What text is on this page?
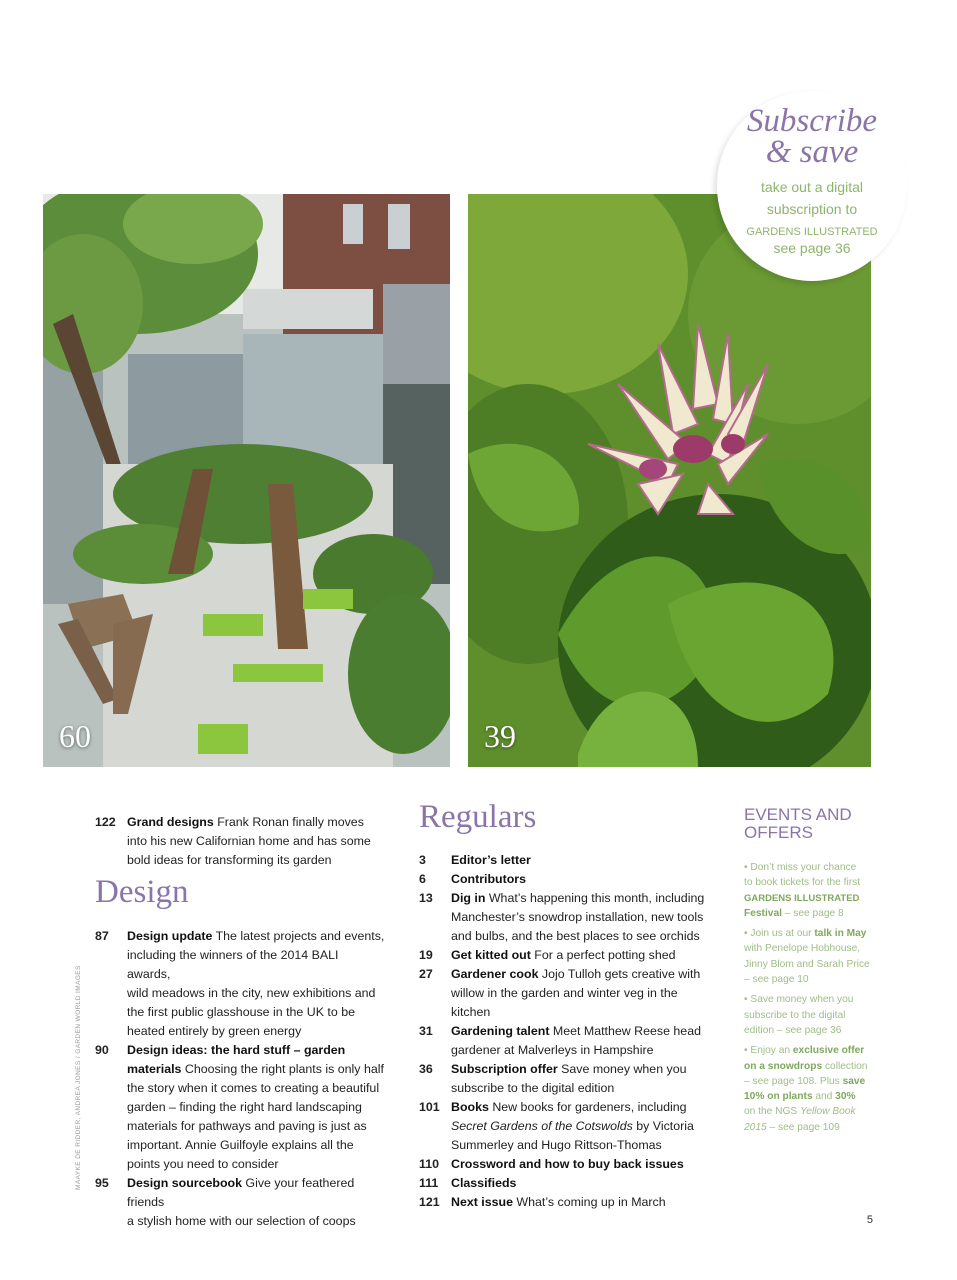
60	39
Subscribe
& save
take out a digital
subscription to
GARDENS ILLUSTRATED
see page 36
122 Grand designs Frank Ronan finally moves
into his new Californian home and has some
bold ideas for transforming its garden
Design
87	Design update The latest projects and events,
including the winners of the 2014 BALI awards,
wild meadows in the city, new exhibitions and
the first public glasshouse in the UK to be
heated entirely by green energy
90	Design ideas: the hard stuff – garden
materials Choosing the right plants is only half
the story when it comes to creating a beautiful
garden – finding the right hard landscaping
materials for pathways and paving is just as
important. Annie Guilfoyle explains all the
points you need to consider
95	Design sourcebook Give your feathered friends
a stylish home with our selection of coops
Regulars
3	Editor’s letter
6	Contributors
13	Dig in What’s happening this month, including
Manchester’s snowdrop installation, new tools
and bulbs, and the best places to see orchids
19	Get kitted out For a perfect potting shed
27	Gardener cook Jojo Tulloh gets creative with
willow in the garden and winter veg in the kitchen
31	Gardening talent Meet Matthew Reese head
gardener at Malverleys in Hampshire
36	Subscription offer Save money when you
subscribe to the digital edition
101 Books New books for gardeners, including
Secret Gardens of the Cotswolds by Victoria
Summerley and Hugo Rittson-Thomas
110 Crossword and how to buy back issues
111	Classifieds
121 Next issue What’s coming up in March
EVENTS AND
OFFERS
• Don’t miss your chance
to book tickets for the first
GARDENS ILLUSTRATED
Festival – see page 8
• Join us at our talk in May
with Penelope Hobhouse,
Jinny Blom and Sarah Price
– see page 10
• Save money when you
subscribe to the digital
edition – see page 36
• Enjoy an exclusive offer
on a snowdrops collection
– see page 108. Plus save
10% on plants and 30%
on the NGS Yellow Book
2015 – see page 109
MAAYKE DE RIDDER, ANDREA JONES / GARDEN WORLD IMAGES
5
